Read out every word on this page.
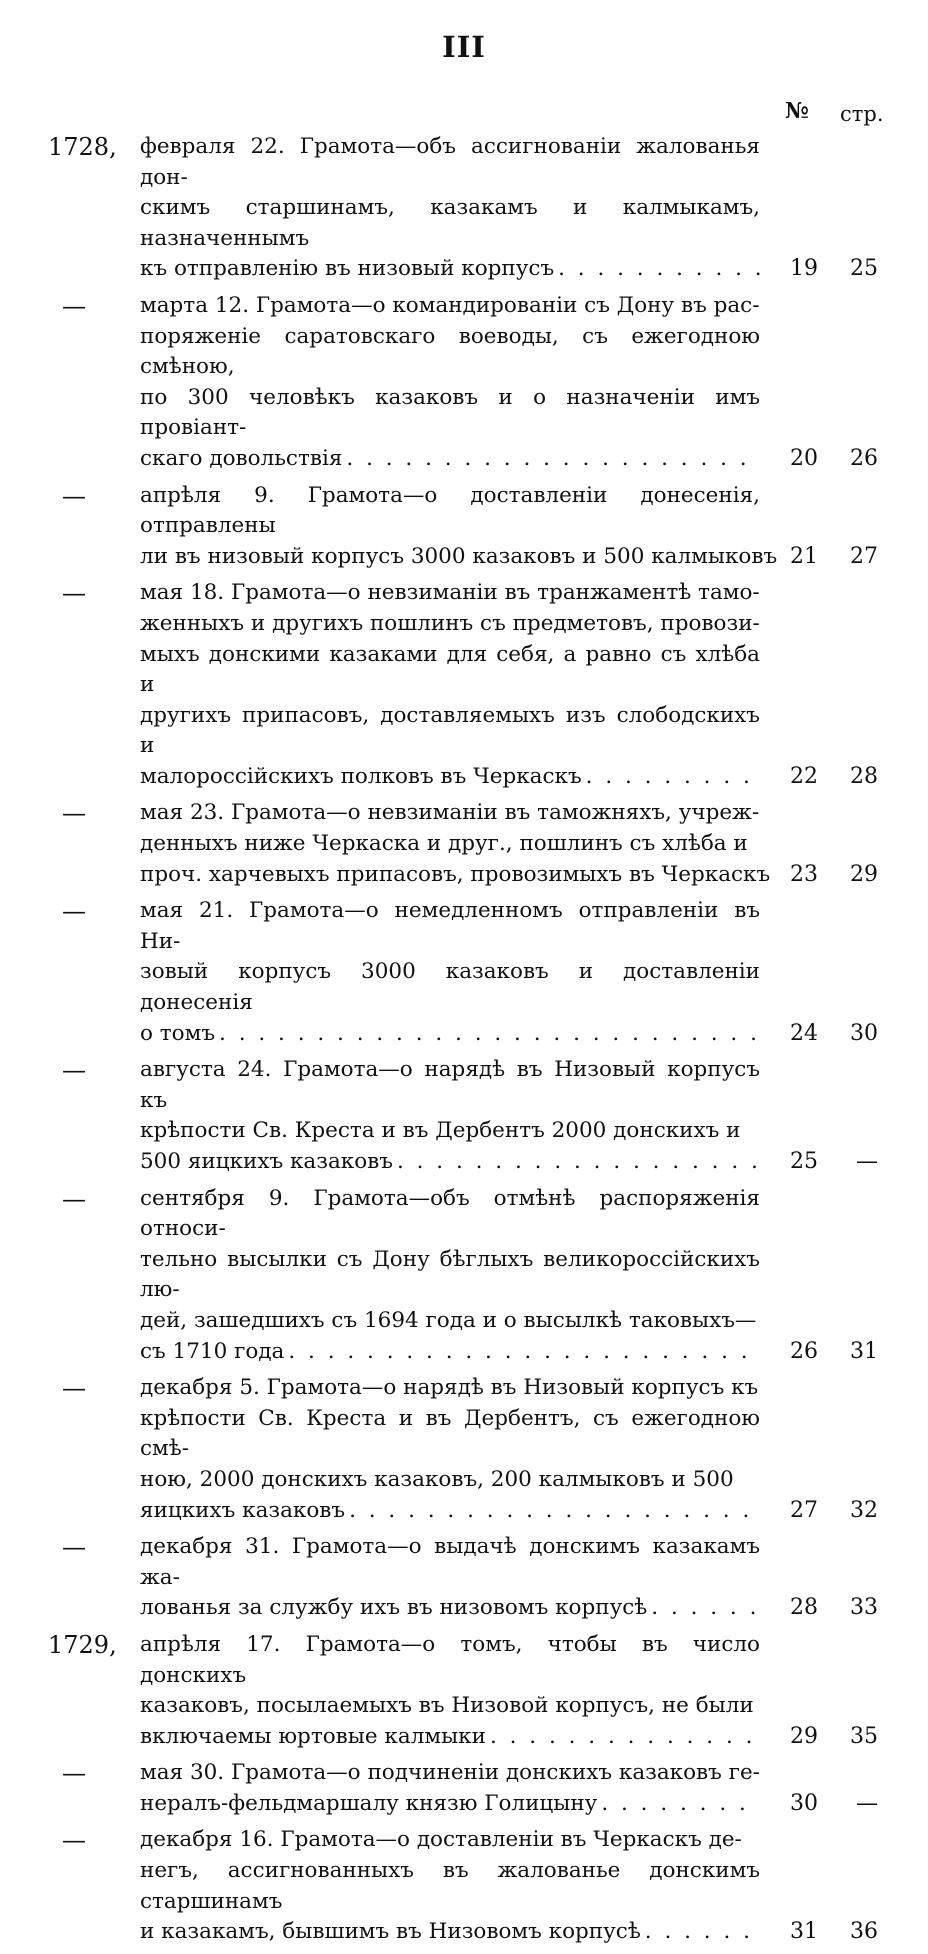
III
№ стр.
1728,	февраля 22. Грамота—объ ассигнованіи жалованья дон-
скимъ старшинамъ, казакамъ и калмыкамъ, назначеннымъ
къ отправленію въ низовый корпусъ . . .	19	25
—	марта 12. Грамота—о командированіи съ Дону въ рас-
поряженіе саратовскаго воеводы, съ ежегодною смѣною,
по 300 человѣкъ казаковъ и о назначеніи имъ провіант-
скаго довольствія . . .	20	26
—	апрѣля 9. Грамота—о доставленіи донесенія, отправлены
ли въ низовый корпусъ 3000 казаковъ и 500 калмыковъ 21	27
—	мая 18. Грамота—о невзиманіи въ транжаментѣ тамо-
женныхъ и другихъ пошлинъ съ предметовъ, провози-
мыхъ донскими казаками для себя, а равно съ хлѣба и
другихъ припасовъ, доставляемыхъ изъ слободскихъ и
малороссійскихъ полковъ въ Черкаскъ . . .	22	28
—	мая 23. Грамота—о невзиманіи въ таможняхъ, учреж-
денныхъ ниже Черкаска и друг., пошлинъ съ хлѣба и
проч. харчевыхъ припасовъ, провозимыхъ въ Черкаскъ 23	29
—	мая 21. Грамота—о немедленномъ отправленіи въ Ни-
зовый корпусъ 3000 казаковъ и доставленіи донесенія
о томъ . . .	24	30
—	августа 24. Грамота—о нарядѣ въ Низовый корпусъ къ
крѣпости Св. Креста и въ Дербентъ 2000 донскихъ и
500 яицкихъ казаковъ . . .	25	—
—	сентября 9. Грамота—объ отмѣнѣ распоряженія относи-
тельно высылки съ Дону бѣглыхъ великороссійскихъ лю-
дей, зашедшихъ съ 1694 года и о высылкѣ таковыхъ—
съ 1710 года . . .	26	31
—	декабря 5. Грамота—о нарядѣ въ Низовый корпусъ къ
крѣпости Св. Креста и въ Дербентъ, съ ежегодною смѣ-
ною, 2000 донскихъ казаковъ, 200 калмыковъ и 500
яицкихъ казаковъ . . .	27	32
—	декабря 31. Грамота—о выдачѣ донскимъ казакамъ жа-
лованья за службу ихъ въ низовомъ корпусѣ . . .	28	33
1729,	апрѣля 17. Грамота—о томъ, чтобы въ число донскихъ
казаковъ, посылаемыхъ въ Низовой корпусъ, не были
включаемы юртовые калмыки . . .	29	35
—	мая 30. Грамота—о подчиненіи донскихъ казаковъ ге-
нералъ-фельдмаршалу князю Голицыну . . .	30	—
—	декабря 16. Грамота—о доставленіи въ Черкаскъ де-
негъ, ассигнованныхъ въ жалованье донскимъ старшинамъ
и казакамъ, бывшимъ въ Низовомъ корпусѣ . . .	31	36
